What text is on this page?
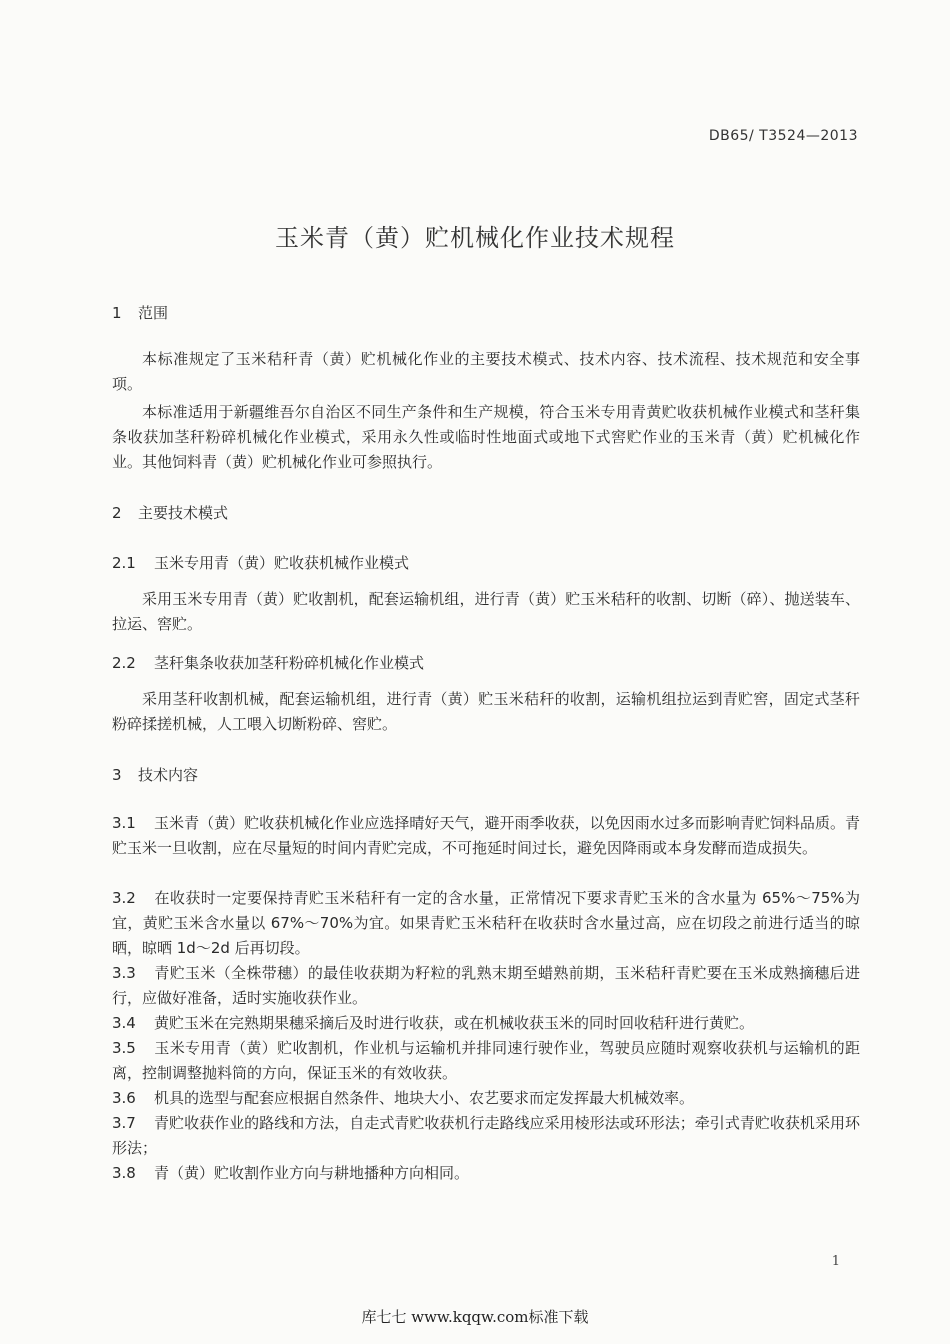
DB65/ T3524—2013
玉米青（黄）贮机械化作业技术规程
1 范围
本标准规定了玉米秸秆青（黄）贮机械化作业的主要技术模式、技术内容、技术流程、技术规范和安全事项。
本标准适用于新疆维吾尔自治区不同生产条件和生产规模，符合玉米专用青黄贮收获机械作业模式和茎秆集条收获加茎秆粉碎机械化作业模式，采用永久性或临时性地面式或地下式窖贮作业的玉米青（黄）贮机械化作业。其他饲料青（黄）贮机械化作业可参照执行。
2 主要技术模式
2.1 玉米专用青（黄）贮收获机械作业模式
采用玉米专用青（黄）贮收割机，配套运输机组，进行青（黄）贮玉米秸秆的收割、切断（碎）、抛送装车、拉运、窖贮。
2.2 茎秆集条收获加茎秆粉碎机械化作业模式
采用茎秆收割机械，配套运输机组，进行青（黄）贮玉米秸秆的收割，运输机组拉运到青贮窖，固定式茎秆粉碎揉搓机械，人工喂入切断粉碎、窖贮。
3 技术内容
3.1 玉米青（黄）贮收获机械化作业应选择晴好天气，避开雨季收获，以免因雨水过多而影响青贮饲料品质。青贮玉米一旦收割，应在尽量短的时间内青贮完成，不可拖延时间过长，避免因降雨或本身发酵而造成损失。
3.2 在收获时一定要保持青贮玉米秸秆有一定的含水量，正常情况下要求青贮玉米的含水量为 65%～75%为宜，黄贮玉米含水量以 67%～70%为宜。如果青贮玉米秸秆在收获时含水量过高，应在切段之前进行适当的晾晒，晾晒 1d～2d 后再切段。
3.3 青贮玉米（全株带穗）的最佳收获期为籽粒的乳熟末期至蜡熟前期，玉米秸秆青贮要在玉米成熟摘穗后进行，应做好准备，适时实施收获作业。
3.4 黄贮玉米在完熟期果穗采摘后及时进行收获，或在机械收获玉米的同时回收秸秆进行黄贮。
3.5 玉米专用青（黄）贮收割机，作业机与运输机并排同速行驶作业，驾驶员应随时观察收获机与运输机的距离，控制调整抛料筒的方向，保证玉米的有效收获。
3.6 机具的选型与配套应根据自然条件、地块大小、农艺要求而定发挥最大机械效率。
3.7 青贮收获作业的路线和方法，自走式青贮收获机行走路线应采用棱形法或环形法；牵引式青贮收获机采用环形法；
3.8 青（黄）贮收割作业方向与耕地播种方向相同。
1
库七七 www.kqqw.com标准下载
